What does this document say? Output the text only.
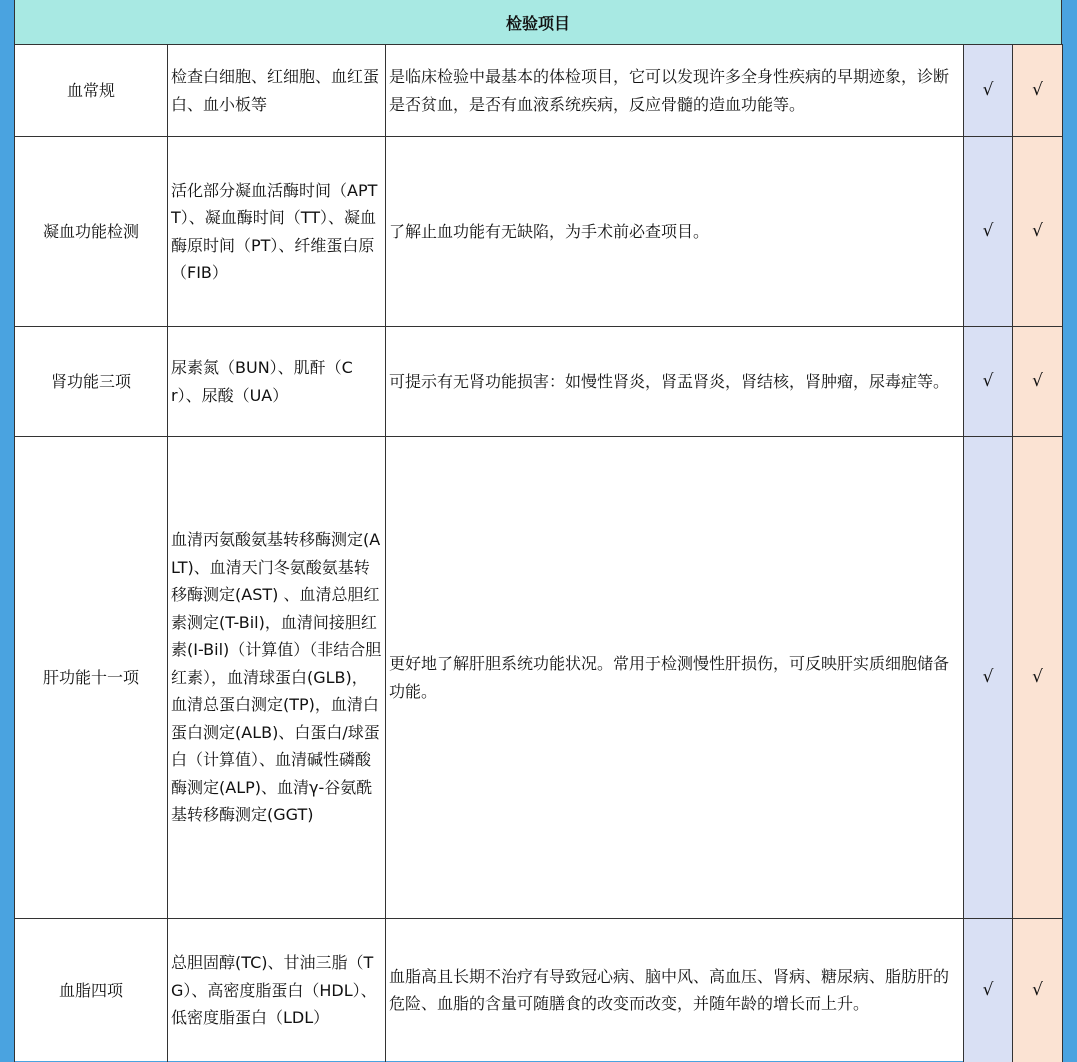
检验项目
血常规	检查白细胞、红细胞、血红蛋白、血小板等	是临床检验中最基本的体检项目，它可以发现许多全身性疾病的早期迹象，诊断是否贫血，是否有血液系统疾病，反应骨髓的造血功能等。	√	√
凝血功能检测	活化部分凝血活酶时间（APTT）、凝血酶时间（TT）、凝血酶原时间（PT）、纤维蛋白原（FIB）	了解止血功能有无缺陷，为手术前必查项目。	√	√
肾功能三项	尿素氮（BUN）、肌酐（Cr）、尿酸（UA）	可提示有无肾功能损害：如慢性肾炎，肾盂肾炎，肾结核，肾肿瘤，尿毒症等。	√	√
肝功能十一项	血清丙氨酸氨基转移酶测定(ALT)、血清天门冬氨酸氨基转移酶测定(AST) 、血清总胆红素测定(T-Bil)，血清间接胆红素(I-Bil)（计算值）（非结合胆红素），血清球蛋白(GLB)，血清总蛋白测定(TP)，血清白蛋白测定(ALB)、白蛋白/球蛋白（计算值）、血清碱性磷酸酶测定(ALP)、血清γ-谷氨酰基转移酶测定(GGT)	更好地了解肝胆系统功能状况。常用于检测慢性肝损伤，可反映肝实质细胞储备功能。	√	√
血脂四项	总胆固醇(TC)、甘油三脂（TG）、高密度脂蛋白（HDL）、低密度脂蛋白（LDL）	血脂高且长期不治疗有导致冠心病、脑中风、高血压、肾病、糖尿病、脂肪肝的危险、血脂的含量可随膳食的改变而改变，并随年龄的增长而上升。	√	√
